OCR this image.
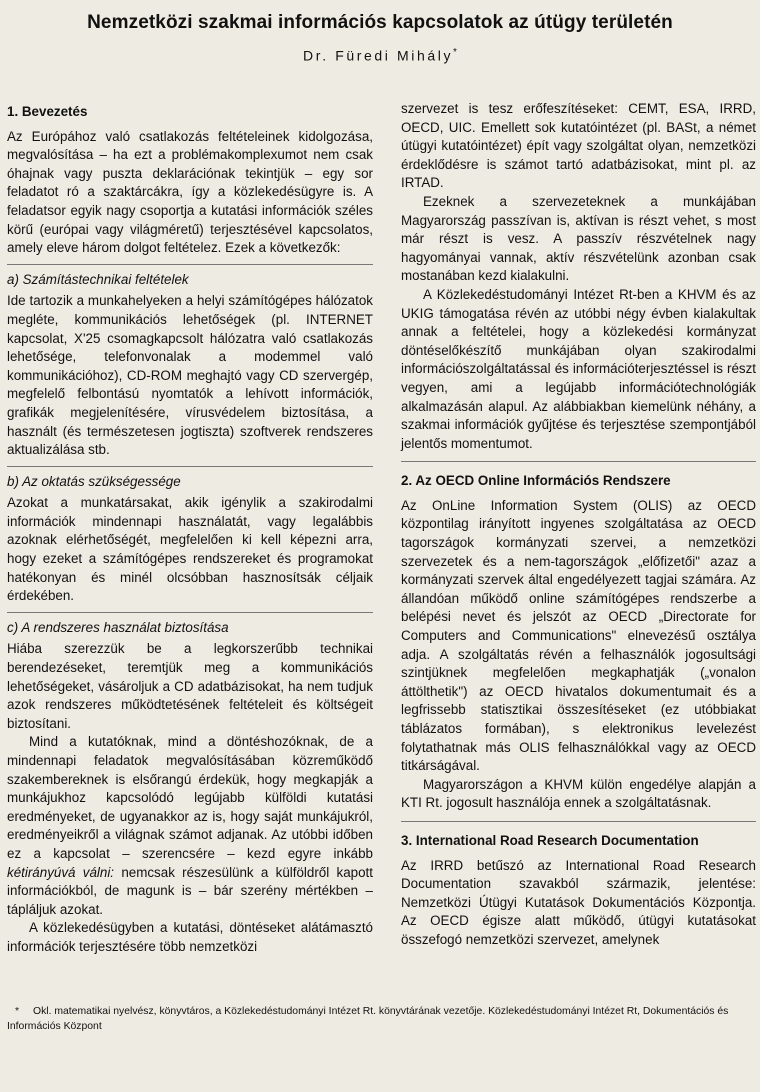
Nemzetközi szakmai információs kapcsolatok az útügy területén
Dr. Füredi Mihály*
1. Bevezetés

Az Európához való csatlakozás feltételeinek kidolgozása, megvalósítása – ha ezt a problémakomplexumot nem csak óhajnak vagy puszta deklarációnak tekintjük – egy sor feladatot ró a szaktárcákra, így a közlekedésügyre is. A feladatsor egyik nagy csoportja a kutatási információk széles körű (európai vagy világméretű) terjesztésével kapcsolatos, amely eleve három dolgot feltételez. Ezek a következők:

a) Számítástechnikai feltételek

Ide tartozik a munkahelyeken a helyi számítógépes hálózatok megléte, kommunikációs lehetőségek (pl. INTERNET kapcsolat, X'25 csomagkapcsolt hálózatra való csatlakozás lehetősége, telefonvonalak a modemmel való kommunikációhoz), CD-ROM meghajtó vagy CD szervergép, megfelelő felbontású nyomtatók a lehívott információk, grafikák megjelenítésére, vírusvédelem biztosítása, a használt (és természetesen jogtiszta) szoftverek rendszeres aktualizálása stb.

b) Az oktatás szükségessége

Azokat a munkatársakat, akik igénylik a szakirodalmi információk mindennapi használatát, vagy legalábbis azoknak elérhetőségét, megfelelően ki kell képezni arra, hogy ezeket a számítógépes rendszereket és programokat hatékonyan és minél olcsóbban hasznosítsák céljaik érdekében.

c) A rendszeres használat biztosítása

Hiába szerezzük be a legkorszerűbb technikai berendezéseket, teremtjük meg a kommunikációs lehetőségeket, vásároljuk a CD adatbázisokat, ha nem tudjuk azok rendszeres működtetésének feltételeit és költségeit biztosítani.

Mind a kutatóknak, mind a döntéshozóknak, de a mindennapi feladatok megvalósításában közreműködő szakembereknek is elsőrangú érdekük, hogy megkapják a munkájukhoz kapcsolódó legújabb külföldi kutatási eredményeket, de ugyanakkor az is, hogy saját munkájukról, eredményeikről a világnak számot adjanak. Az utóbbi időben ez a kapcsolat – szerencsére – kezd egyre inkább kétirányúvá válni: nemcsak részesülünk a külföldről kapott információkból, de magunk is – bár szerény mértékben – tápláljuk azokat.

A közlekedésügyben a kutatási, döntéseket alátámasztó információk terjesztésére több nemzetközi

szervezet is tesz erőfeszítéseket: CEMT, ESA, IRRD, OECD, UIC. Emellett sok kutatóintézet (pl. BASt, a német útügyi kutatóintézet) épít vagy szolgáltat olyan, nemzetközi érdeklődésre is számot tartó adatbázisokat, mint pl. az IRTAD.

Ezeknek a szervezeteknek a munkájában Magyarország passzívan is, aktívan is részt vehet, s most már részt is vesz. A passzív részvételnek nagy hagyományai vannak, aktív részvételünk azonban csak mostanában kezd kialakulni.

A Közlekedéstudományi Intézet Rt-ben a KHVM és az UKIG támogatása révén az utóbbi négy évben kialakultak annak a feltételei, hogy a közlekedési kormányzat döntéselőkészítő munkájában olyan szakirodalmi információszolgáltatással és információterjesztéssel is részt vegyen, ami a legújabb információtechnológiák alkalmazásán alapul. Az alábbiakban kiemelünk néhány, a szakmai információk gyűjtése és terjesztése szempontjából jelentős momentumot.

2. Az OECD Online Információs Rendszere

Az OnLine Information System (OLIS) az OECD központilag irányított ingyenes szolgáltatása az OECD tagországok kormányzati szervei, a nemzetközi szervezetek és a nem-tagországok „előfizetői" azaz a kormányzati szervek által engedélyezett tagjai számára. Az állandóan működő online számítógépes rendszerbe a belépési nevet és jelszót az OECD „Directorate for Computers and Communications" elnevezésű osztálya adja. A szolgáltatás révén a felhasználók jogosultsági szintjüknek megfelelően megkaphatják („vonalon áttölthetik") az OECD hivatalos dokumentumait és a legfrissebb statisztikai összesítéseket (ez utóbbiakat táblázatos formában), s elektronikus levelezést folytathatnak más OLIS felhasználókkal vagy az OECD titkárságával.

Magyarországon a KHVM külön engedélye alapján a KTI Rt. jogosult használója ennek a szolgáltatásnak.

3. International Road Research Documentation

Az IRRD betűszó az International Road Research Documentation szavakból származik, jelentése: Nemzetközi Útügyi Kutatások Dokumentációs Központja. Az OECD égisze alatt működő, útügyi kutatásokat összefogó nemzetközi szervezet, amelynek

* Okl. matematikai nyelvész, könyvtáros, a Közlekedéstudományi Intézet Rt. könyvtárának vezetője. Közlekedéstudományi Intézet Rt, Dokumentációs és Információs Központ
